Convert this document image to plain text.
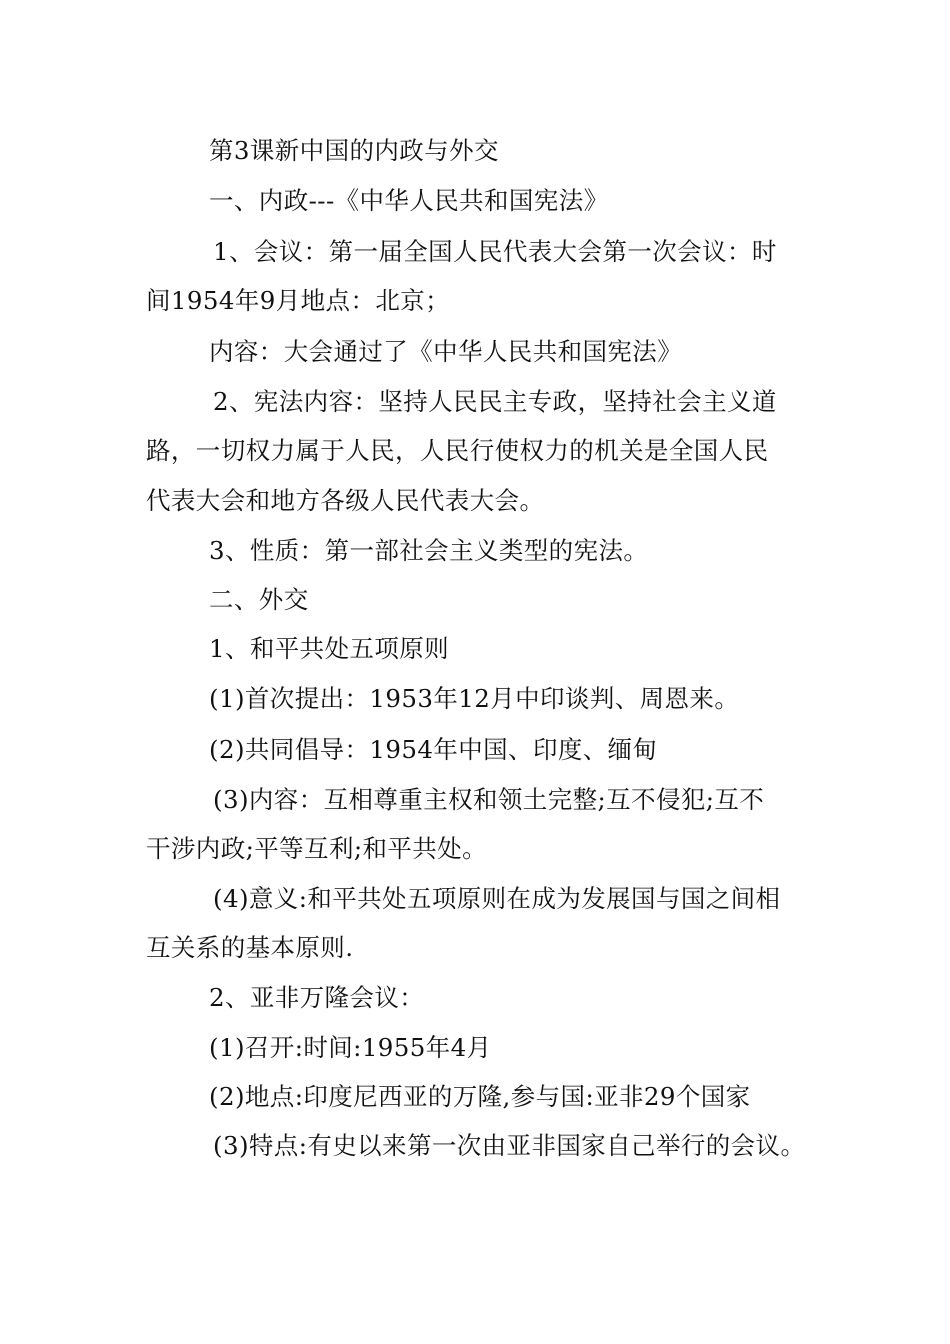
第3课新中国的内政与外交
一、内政---《中华人民共和国宪法》
1、会议：第一届全国人民代表大会第一次会议：时
间1954年9月地点：北京；
内容：大会通过了《中华人民共和国宪法》
2、宪法内容：坚持人民民主专政，坚持社会主义道
路，一切权力属于人民，人民行使权力的机关是全国人民
代表大会和地方各级人民代表大会。
3、性质：第一部社会主义类型的宪法。
二、外交
1、和平共处五项原则
(1)首次提出：1953年12月中印谈判、周恩来。
(2)共同倡导：1954年中国、印度、缅甸
(3)内容：互相尊重主权和领土完整;互不侵犯;互不
干涉内政;平等互利;和平共处。
(4)意义:和平共处五项原则在成为发展国与国之间相
互关系的基本原则.
2、亚非万隆会议：
(1)召开:时间:1955年4月
(2)地点:印度尼西亚的万隆,参与国:亚非29个国家
(3)特点:有史以来第一次由亚非国家自己举行的会议。
